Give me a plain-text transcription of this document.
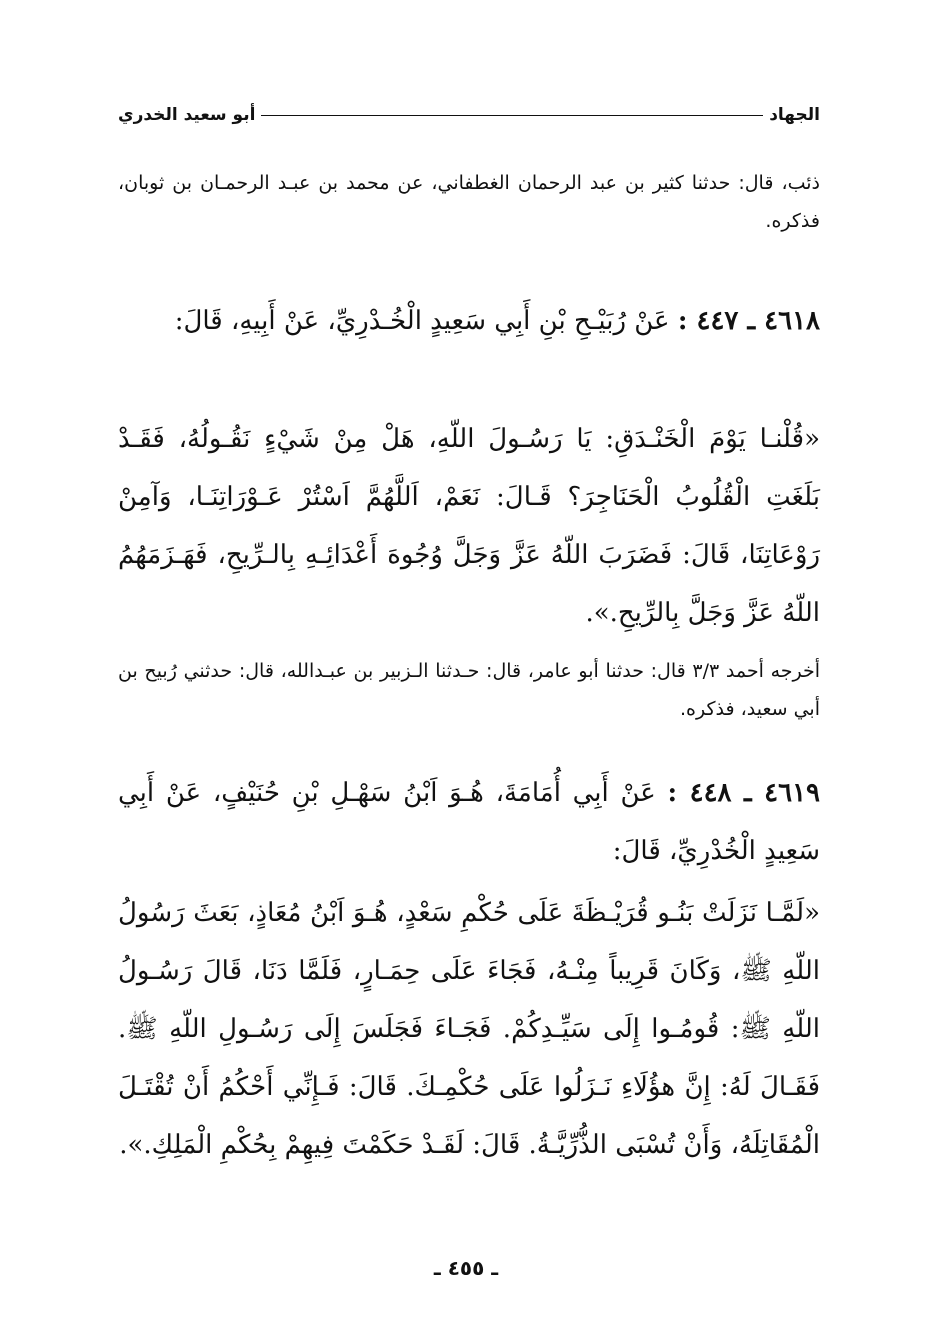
الجهاد
أبو سعيد الخدري
ذئب، قال: حدثنا كثير بن عبد الرحمان الغطفاني، عن محمد بن عبـد الرحمـان بن ثوبان، فذكره.
٤٦١٨ ـ ٤٤٧ : عَنْ رُبَيْـحِ بْنِ أَبِي سَعِيدٍ الْخُـدْرِيِّ، عَنْ أَبِيهِ، قَالَ:
«قُلْنـا يَوْمَ الْخَنْـدَقِ: يَا رَسُـولَ اللّهِ، هَلْ مِنْ شَيْءٍ نَقُـولُهُ، فَقَـدْ بَلَغَتِ الْقُلُوبُ الْحَنَاجِرَ؟ قَـالَ: نَعَمْ، اَللَّهُمَّ اَسْتُرْ عَـوْرَاتِنَـا، وَآمِنْ رَوْعَاتِنَا، قَالَ: فَضَرَبَ اللّهُ عَزَّ وَجَلَّ وُجُوهَ أَعْدَائِـهِ بِالـرِّيحِ، فَهَـزَمَهُمُ اللّهُ عَزَّ وَجَلَّ بِالرِّيحِ.».
أخرجه أحمد ٣/٣ قال: حدثنا أبو عامر، قال: حـدثنا الـزبير بن عبـدالله، قال: حدثني رُبيح بن أبي سعيد، فذكره.
٤٦١٩ ـ ٤٤٨ : عَنْ أَبِي أُمَامَةَ، هُـوَ اَبْنُ سَهْـلِ بْنِ حُنَيْفٍ، عَنْ أَبِي سَعِيدٍ الْخُدْرِيِّ، قَالَ:
«لَمَّـا نَزَلَتْ بَنُـو قُرَيْـظَةَ عَلَى حُكْمِ سَعْدٍ، هُـوَ اَبْنُ مُعَاذٍ، بَعَثَ رَسُولُ اللّهِ ﷺ، وَكَانَ قَرِيباً مِنْـهُ، فَجَاءَ عَلَى حِمَـارٍ، فَلَمَّا دَنَا، قَالَ رَسُـولُ اللّهِ ﷺ: قُومُـوا إِلَى سَيِّـدِكُمْ. فَجَـاءَ فَجَلَسَ إِلَى رَسُـولِ اللّهِ ﷺ. فَقَـالَ لَهُ: إِنَّ هؤُلَاءِ نَـزَلُوا عَلَى حُكْمِـكَ. قَالَ: فَـإِنِّي أَحْكُمُ أَنْ تُقْتَـلَ الْمُقَاتِلَهُ، وَأَنْ تُسْبَى الذُّرِّيَّـةُ. قَالَ: لَقَـدْ حَكَمْتَ فِيهِمْ بِحُكْمِ الْمَلِكِ.».
ـ ٤٥٥ ـ
